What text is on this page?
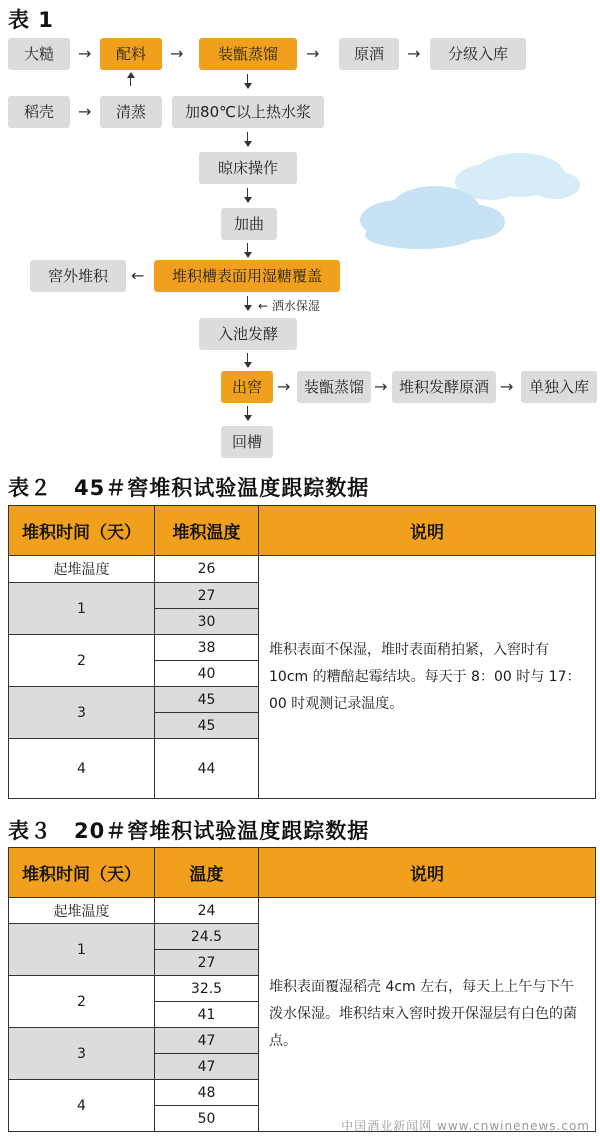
表 1
大糙	→	配料	→	装甑蒸馏	→	原酒	→	分级入库
稻壳	→	清蒸	加80℃以上热水浆
晾床操作
加曲
窖外堆积	←	堆积槽表面用湿糖覆盖
← 洒水保湿
入池发酵
出窖 → 装甑蒸馏 → 堆积发酵原酒 →	单独入库
回槽
表２　45＃窖堆积试验温度跟踪数据
堆积时间（天）	堆积温度	说明
起堆温度	26	堆积表面不保湿，堆时表面稍拍紧，入窖时有 10cm 的糟醅起霉结块。每天于 8：00 时与 17：00 时观测记录温度。
1	27	
	30	
2	38	
	40	
3	45	
	45	
4	44	
表３　20＃窖堆积试验温度跟踪数据
堆积时间（天）	温度	说明
起堆温度	24	堆积表面覆湿稻壳 4cm 左右，每天上上午与下午泼水保湿。堆积结束入窖时拨开保湿层有白色的菌点。
1	24.5	
	27	
2	32.5	
	41	
3	47	
	47	
4	48	
	50		中国酒业新闻网 www.cnwinenews.com
